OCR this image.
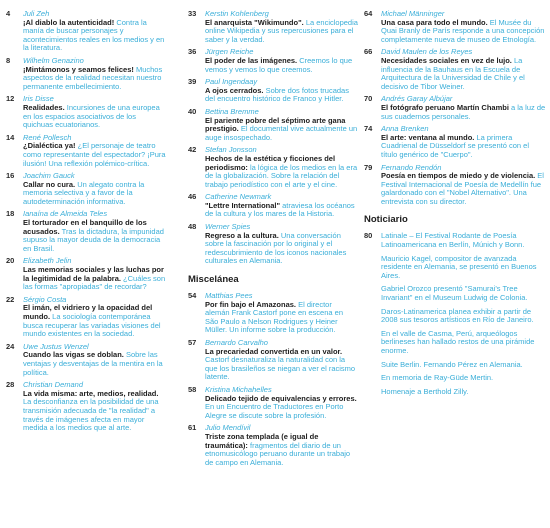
4 Juli Zeh
¡Al diablo la autenticidad! Contra la manía de buscar personajes y acontecimientos reales en los medios y en la literatura.
8 Wilhelm Genazino
¡Mintámonos y seamos felices! Muchos aspectos de la realidad necesitan nuestro permanente embellecimiento.
12 Iris Disse
Realidades. Incursiones de una europea en los espacios asociativos de los quichuas ecuatorianos.
14 René Pollesch
¿Dialéctica ya! ¿El personaje de teatro como representante del espectador? ¡Pura ilusión! Una reflexión polémico-crítica.
16 Joachim Gauck
Callar no cura. Un alegato contra la memoria selectiva y a favor de la autodeterminación informativa.
18 Ianaína de Almeida Teles
El torturador en el banquillo de los acusados. Tras la dictadura, la impunidad supuso la mayor deuda de la democracia en Brasil.
20 Elizabeth Jelin
Las memorias sociales y las luchas por la legitimidad de la palabra. ¿Cuáles son las formas "apropiadas" de recordar?
22 Sérgio Costa
El imán, el vidriero y la opacidad del mundo. La sociología contemporánea busca recuperar las variadas visiones del mundo existentes en la sociedad.
24 Uwe Justus Wenzel
Cuando las vigas se doblan. Sobre las ventajas y desventajas de la mentira en la política.
28 Christian Demand
La vida misma: arte, medios, realidad. La desconfianza en la posibilidad de una transmisión adecuada de "la realidad" a través de imágenes afecta en mayor medida a los medios que al arte.
33 Kerstin Kohlenberg
El anarquista "Wikimundo". La enciclopedia online Wikipedia y sus repercusiones para el saber y la verdad.
36 Jürgen Reiche
El poder de las imágenes. Creemos lo que vemos y vemos lo que creemos.
39 Paul Ingendaay
A ojos cerrados. Sobre dos fotos trucadas del encuentro histórico de Franco y Hitler.
40 Bettina Bremme
El pariente pobre del séptimo arte gana prestigio. El documental vive actualmente un auge insospechado.
42 Stefan Jonsson
Hechos de la estética y ficciones del periodismo: la lógica de los medios en la era de la globalización. Sobre la relación del trabajo periodístico con el arte y el cine.
46 Catherine Newmark
"Lettre International" atraviesa los océanos de la cultura y los mares de la Historia.
48 Werner Spies
Regreso a la cultura. Una conversación sobre la fascinación por lo original y el redescubrimiento de los iconos nacionales culturales en Alemania.
Miscelánea
54 Matthias Pees
Por fin bajo el Amazonas. El director alemán Frank Castorf pone en escena en São Paulo a Nelson Rodrigues y Heiner Müller. Un informe sobre la producción.
57 Bernardo Carvalho
La precariedad convertida en un valor. Castorf desnaturaliza la naturalidad con la que los brasileños se niegan a ver el racismo latente.
58 Kristina Michahelles
Delicado tejido de equivalencias y errores. En un Encuentro de Traductores en Porto Alegre se discute sobre la profesión.
61 Julio Mendívil
Triste zona templada (e igual de traumática): fragmentos del diario de un etnomusicólogo peruano durante un trabajo de campo en Alemania.
64 Michael Männinger
Una casa para todo el mundo. El Musée du Quai Branly de París responde a una concepción completamente nueva de museo de Etnología.
66 David Maulen de los Reyes
Necesidades sociales en vez de lujo. La influencia de la Bauhaus en la Escuela de Arquitectura de la Universidad de Chile y el decisivo de Tibor Weiner.
70 Andrés Garay Albújar
El fotógrafo peruano Martín Chambi a la luz de sus cuadernos personales.
74 Anna Brenken
El arte: ventana al mundo. La primera Cuadrienal de Düsseldorf se presentó con el título genérico de "Cuerpo".
79 Fernando Rendón
Poesía en tiempos de miedo y de violencia. El Festival Internacional de Poesía de Medellín fue galardonado con el "Nobel Alternativo". Una entrevista con su director.
Noticiario
80 Latinale – El Festival Rodante de Poesía Latinoamericana en Berlín, Múnich y Bonn.
Mauricio Kagel, compositor de avanzada residente en Alemania, se presentó en Buenos Aires.
Gabriel Orozco presentó "Samurai's Tree Invariant" en el Museum Ludwig de Colonia.
Daros-Latinamerica planea exhibir a partir de 2008 sus tesoros artísticos en Río de Janeiro.
En el valle de Casma, Perú, arqueólogos berlineses han hallado restos de una pirámide enorme.
Suite Berlin. Fernando Pérez en Alemania.
En memoria de Ray-Güde Mertin.
Homenaje a Berthold Zilly.
